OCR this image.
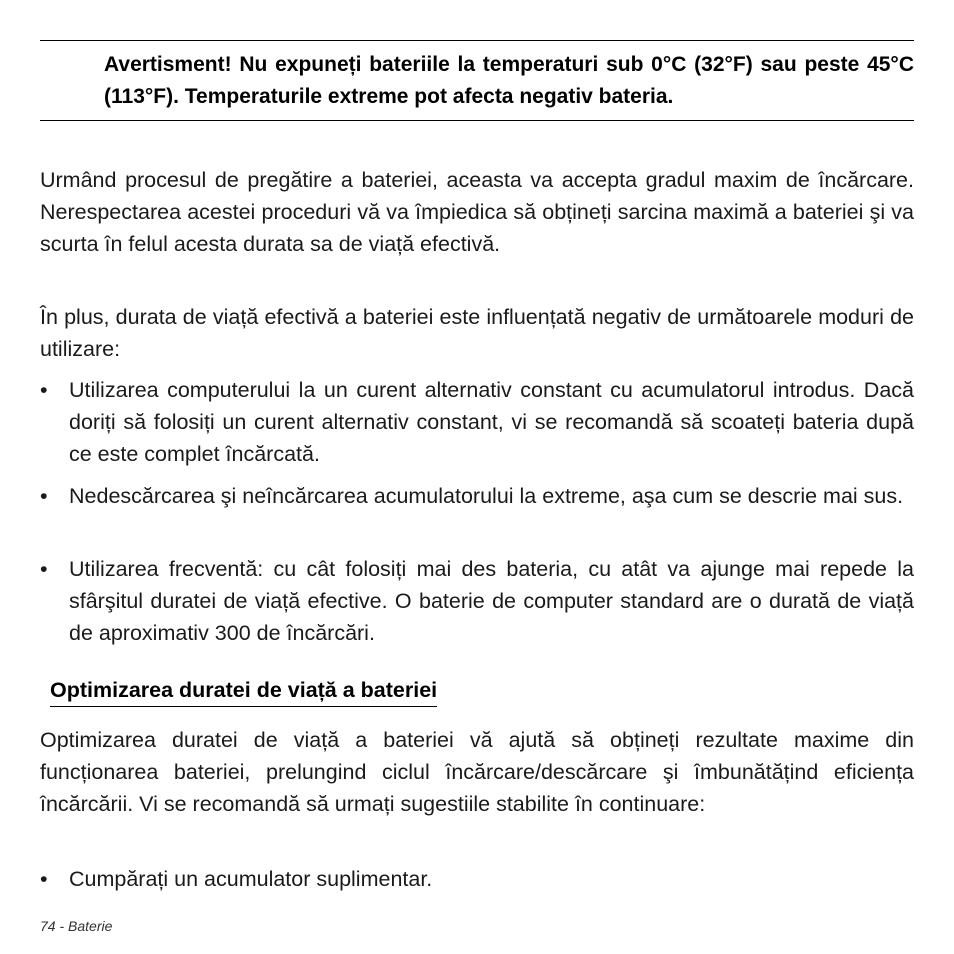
Avertisment! Nu expuneți bateriile la temperaturi sub 0°C (32°F) sau peste 45°C (113°F). Temperaturile extreme pot afecta negativ bateria.

Urmând procesul de pregătire a bateriei, aceasta va accepta gradul maxim de încărcare. Nerespectarea acestei proceduri vă va împiedica să obțineți sarcina maximă a bateriei şi va scurta în felul acesta durata sa de viață efectivă.

În plus, durata de viață efectivă a bateriei este influențată negativ de următoarele moduri de utilizare:

• Utilizarea computerului la un curent alternativ constant cu acumulatorul introdus. Dacă doriți să folosiți un curent alternativ constant, vi se recomandă să scoateți bateria după ce este complet încărcată.
• Nedescărcarea şi neîncărcarea acumulatorului la extreme, aşa cum se descrie mai sus.
• Utilizarea frecventă: cu cât folosiți mai des bateria, cu atât va ajunge mai repede la sfârşitul duratei de viață efective. O baterie de computer standard are o durată de viață de aproximativ 300 de încărcări.
Optimizarea duratei de viață a bateriei

Optimizarea duratei de viață a bateriei vă ajută să obțineți rezultate maxime din funcționarea bateriei, prelungind ciclul încărcare/descărcare şi îmbunătățind eficiența încărcării. Vi se recomandă să urmați sugestiile stabilite în continuare:

• Cumpărați un acumulator suplimentar.
74 - Baterie
